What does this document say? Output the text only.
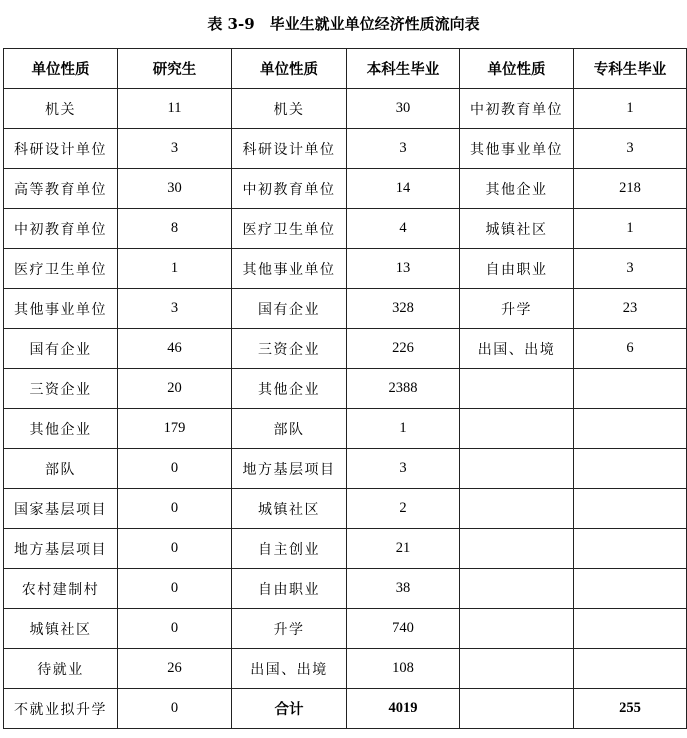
表 3-9　毕业生就业单位经济性质流向表
单位性质	研究生	单位性质	本科生毕业	单位性质	专科生毕业
机关	11	机关	30	中初教育单位	1
科研设计单位	3	科研设计单位	3	其他事业单位	3
高等教育单位	30	中初教育单位	14	其他企业	218
中初教育单位	8	医疗卫生单位	4	城镇社区	1
医疗卫生单位	1	其他事业单位	13	自由职业	3
其他事业单位	3	国有企业	328	升学	23
国有企业	46	三资企业	226	出国、出境	6
三资企业	20	其他企业	2388		
其他企业	179	部队	1		
部队	0	地方基层项目	3		
国家基层项目	0	城镇社区	2		
地方基层项目	0	自主创业	21		
农村建制村	0	自由职业	38		
城镇社区	0	升学	740		
待就业	26	出国、出境	108		
不就业拟升学	0	合计	4019		255
